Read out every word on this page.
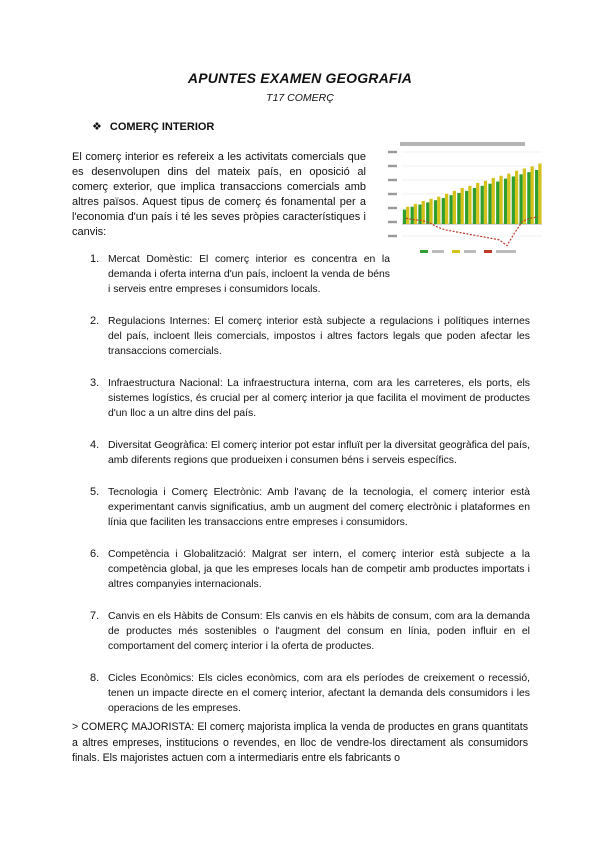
APUNTES EXAMEN GEOGRAFIA
T17 COMERÇ
❖ COMERÇ INTERIOR

El comerç interior es refereix a les activitats comercials que es desenvolupen dins del mateix país, en oposició al comerç exterior, que implica transaccions comercials amb altres països. Aquest tipus de comerç és fonamental per a l'economia d'un país i té les seves pròpies característiques i canvis:

1. Mercat Domèstic: El comerç interior es concentra en la demanda i oferta interna d'un país, incloent la venda de béns i serveis entre empreses i consumidors locals.
2. Regulacions Internes: El comerç interior està subjecte a regulacions i polítiques internes del país, incloent lleis comercials, impostos i altres factors legals que poden afectar les transaccions comercials.
3. Infraestructura Nacional: La infraestructura interna, com ara les carreteres, els ports, els sistemes logístics, és crucial per al comerç interior ja que facilita el moviment de productes d'un lloc a un altre dins del país.
4. Diversitat Geogràfica: El comerç interior pot estar influït per la diversitat geogràfica del país, amb diferents regions que produeixen i consumen béns i serveis específics.
5. Tecnologia i Comerç Electrònic: Amb l'avanç de la tecnologia, el comerç interior està experimentant canvis significatius, amb un augment del comerç electrònic i plataformes en línia que faciliten les transaccions entre empreses i consumidors.
6. Competència i Globalització: Malgrat ser intern, el comerç interior està subjecte a la competència global, ja que les empreses locals han de competir amb productes importats i altres companyies internacionals.
7. Canvis en els Hàbits de Consum: Els canvis en els hàbits de consum, com ara la demanda de productes més sostenibles o l'augment del consum en línia, poden influir en el comportament del comerç interior i la oferta de productes.
8. Cicles Econòmics: Els cicles econòmics, com ara els períodes de creixement o recessió, tenen un impacte directe en el comerç interior, afectant la demanda dels consumidors i les operacions de les empreses.

> COMERÇ MAJORISTA: El comerç majorista implica la venda de productes en grans quantitats a altres empreses, institucions o revendes, en lloc de vendre-los directament als consumidors finals. Els majoristes actuen com a intermediaris entre els fabricants o
